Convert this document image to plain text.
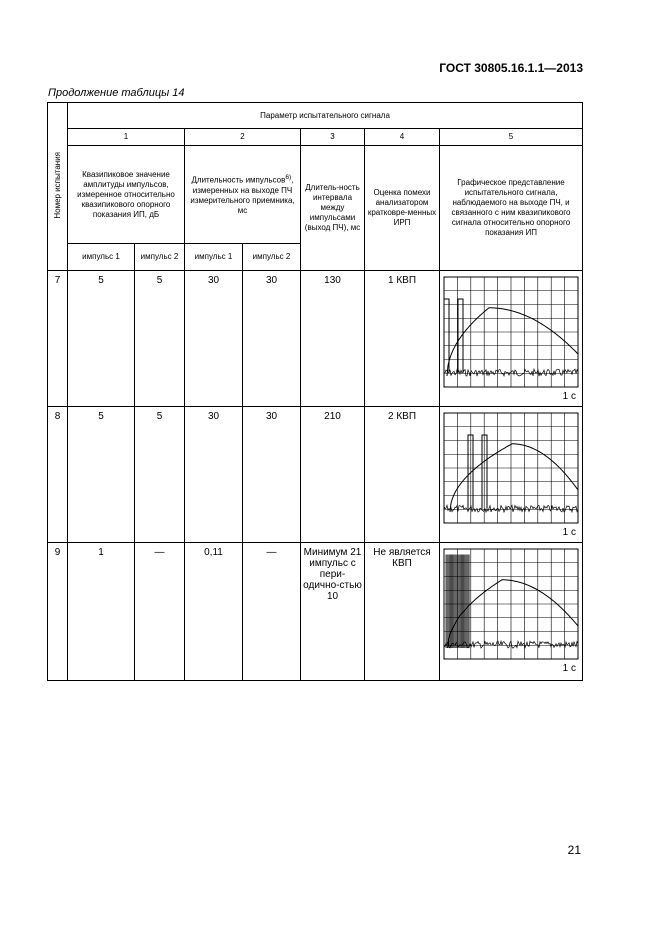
ГОСТ 30805.16.1.1—2013
Продолжение таблицы 14
Номер испытания	Параметр испытательного сигнала						
	1		2		3	4	5
	Квазипиковое значение амплитуды импульсов, измеренное относительно квазипикового опорного показания ИП, дБ		Длительность импульсов$^{6)}$, измеренных на выходе ПЧ измерительного приемника, мс		Длитель-ность интервала между импульсами (выход ПЧ), мс	Оценка помехи анализатором кратковре-менных ИРП	Графическое представление испытательного сигнала, наблюдаемого на выходе ПЧ, и связанного с ним квазипикового сигнала относительно опорного показания ИП
	импульс 1	импульс 2	импульс 1	импульс 2			
7	5	5	30	30	130	1 КВП	1 с

8	5	5	30	30	210	2 КВП	1 с

9	1	—	0,11	—	Минимум 21 импульс с пери-одично-стью 10	Не является КВП	1 с
21
